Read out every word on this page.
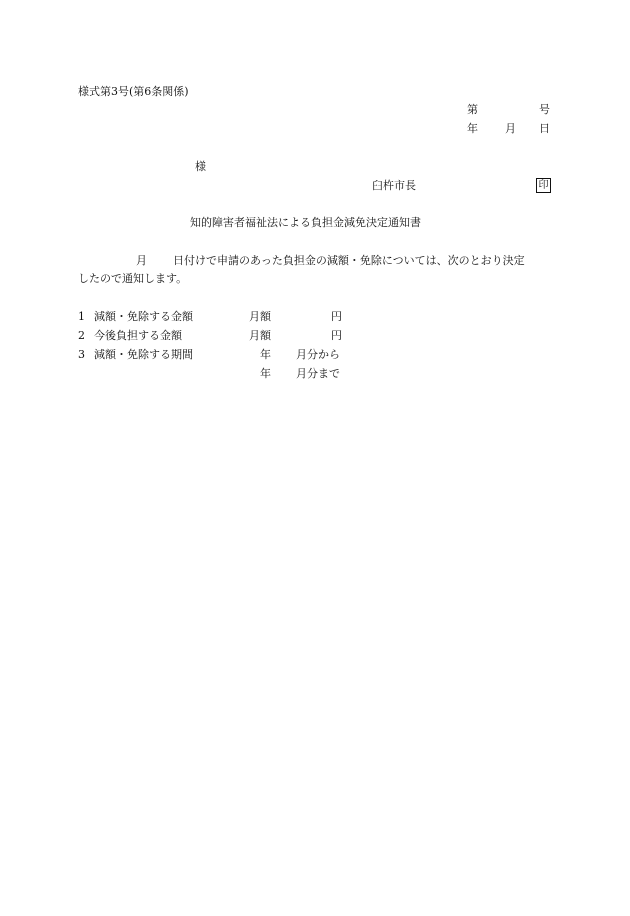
様式第3号(第6条関係)
第	号
年 月 日
様
臼杵市長	印
知的障害者福祉法による負担金減免決定通知書
月 日付けで申請のあった負担金の減額・免除については、次のとおり決定
したので通知します。
1 減額・免除する金額	月額	円
2 今後負担する金額	月額	円
3 減額・免除する期間	年 月分から
年 月分まで
